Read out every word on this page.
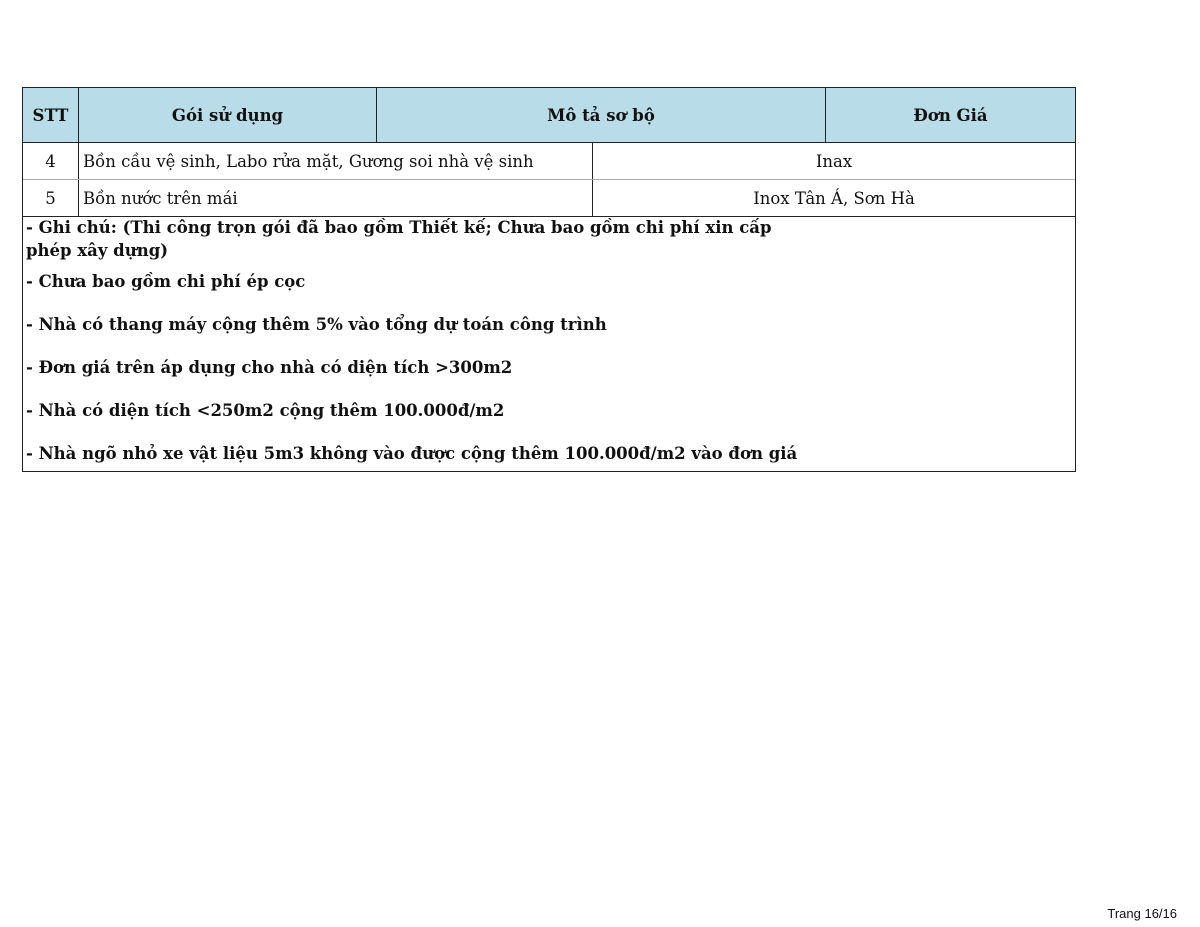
STT	Gói sử dụng	Mô tả sơ bộ	Đơn Giá
4	Bồn cầu vệ sinh, Labo rửa mặt, Gương soi nhà vệ sinh	Inax
5	Bồn nước trên mái	Inox Tân Á, Sơn Hà
- Ghi chú: (Thi công trọn gói đã bao gồm Thiết kế; Chưa bao gồm chi phí xin cấp phép xây dựng)
- Chưa bao gồm chi phí ép cọc
- Nhà có thang máy cộng thêm 5% vào tổng dự toán công trình
- Đơn giá trên áp dụng cho nhà có diện tích >300m2
- Nhà có diện tích <250m2 cộng thêm 100.000đ/m2
- Nhà ngõ nhỏ xe vật liệu 5m3 không vào được cộng thêm 100.000đ/m2 vào đơn giá
Trang 16/16
